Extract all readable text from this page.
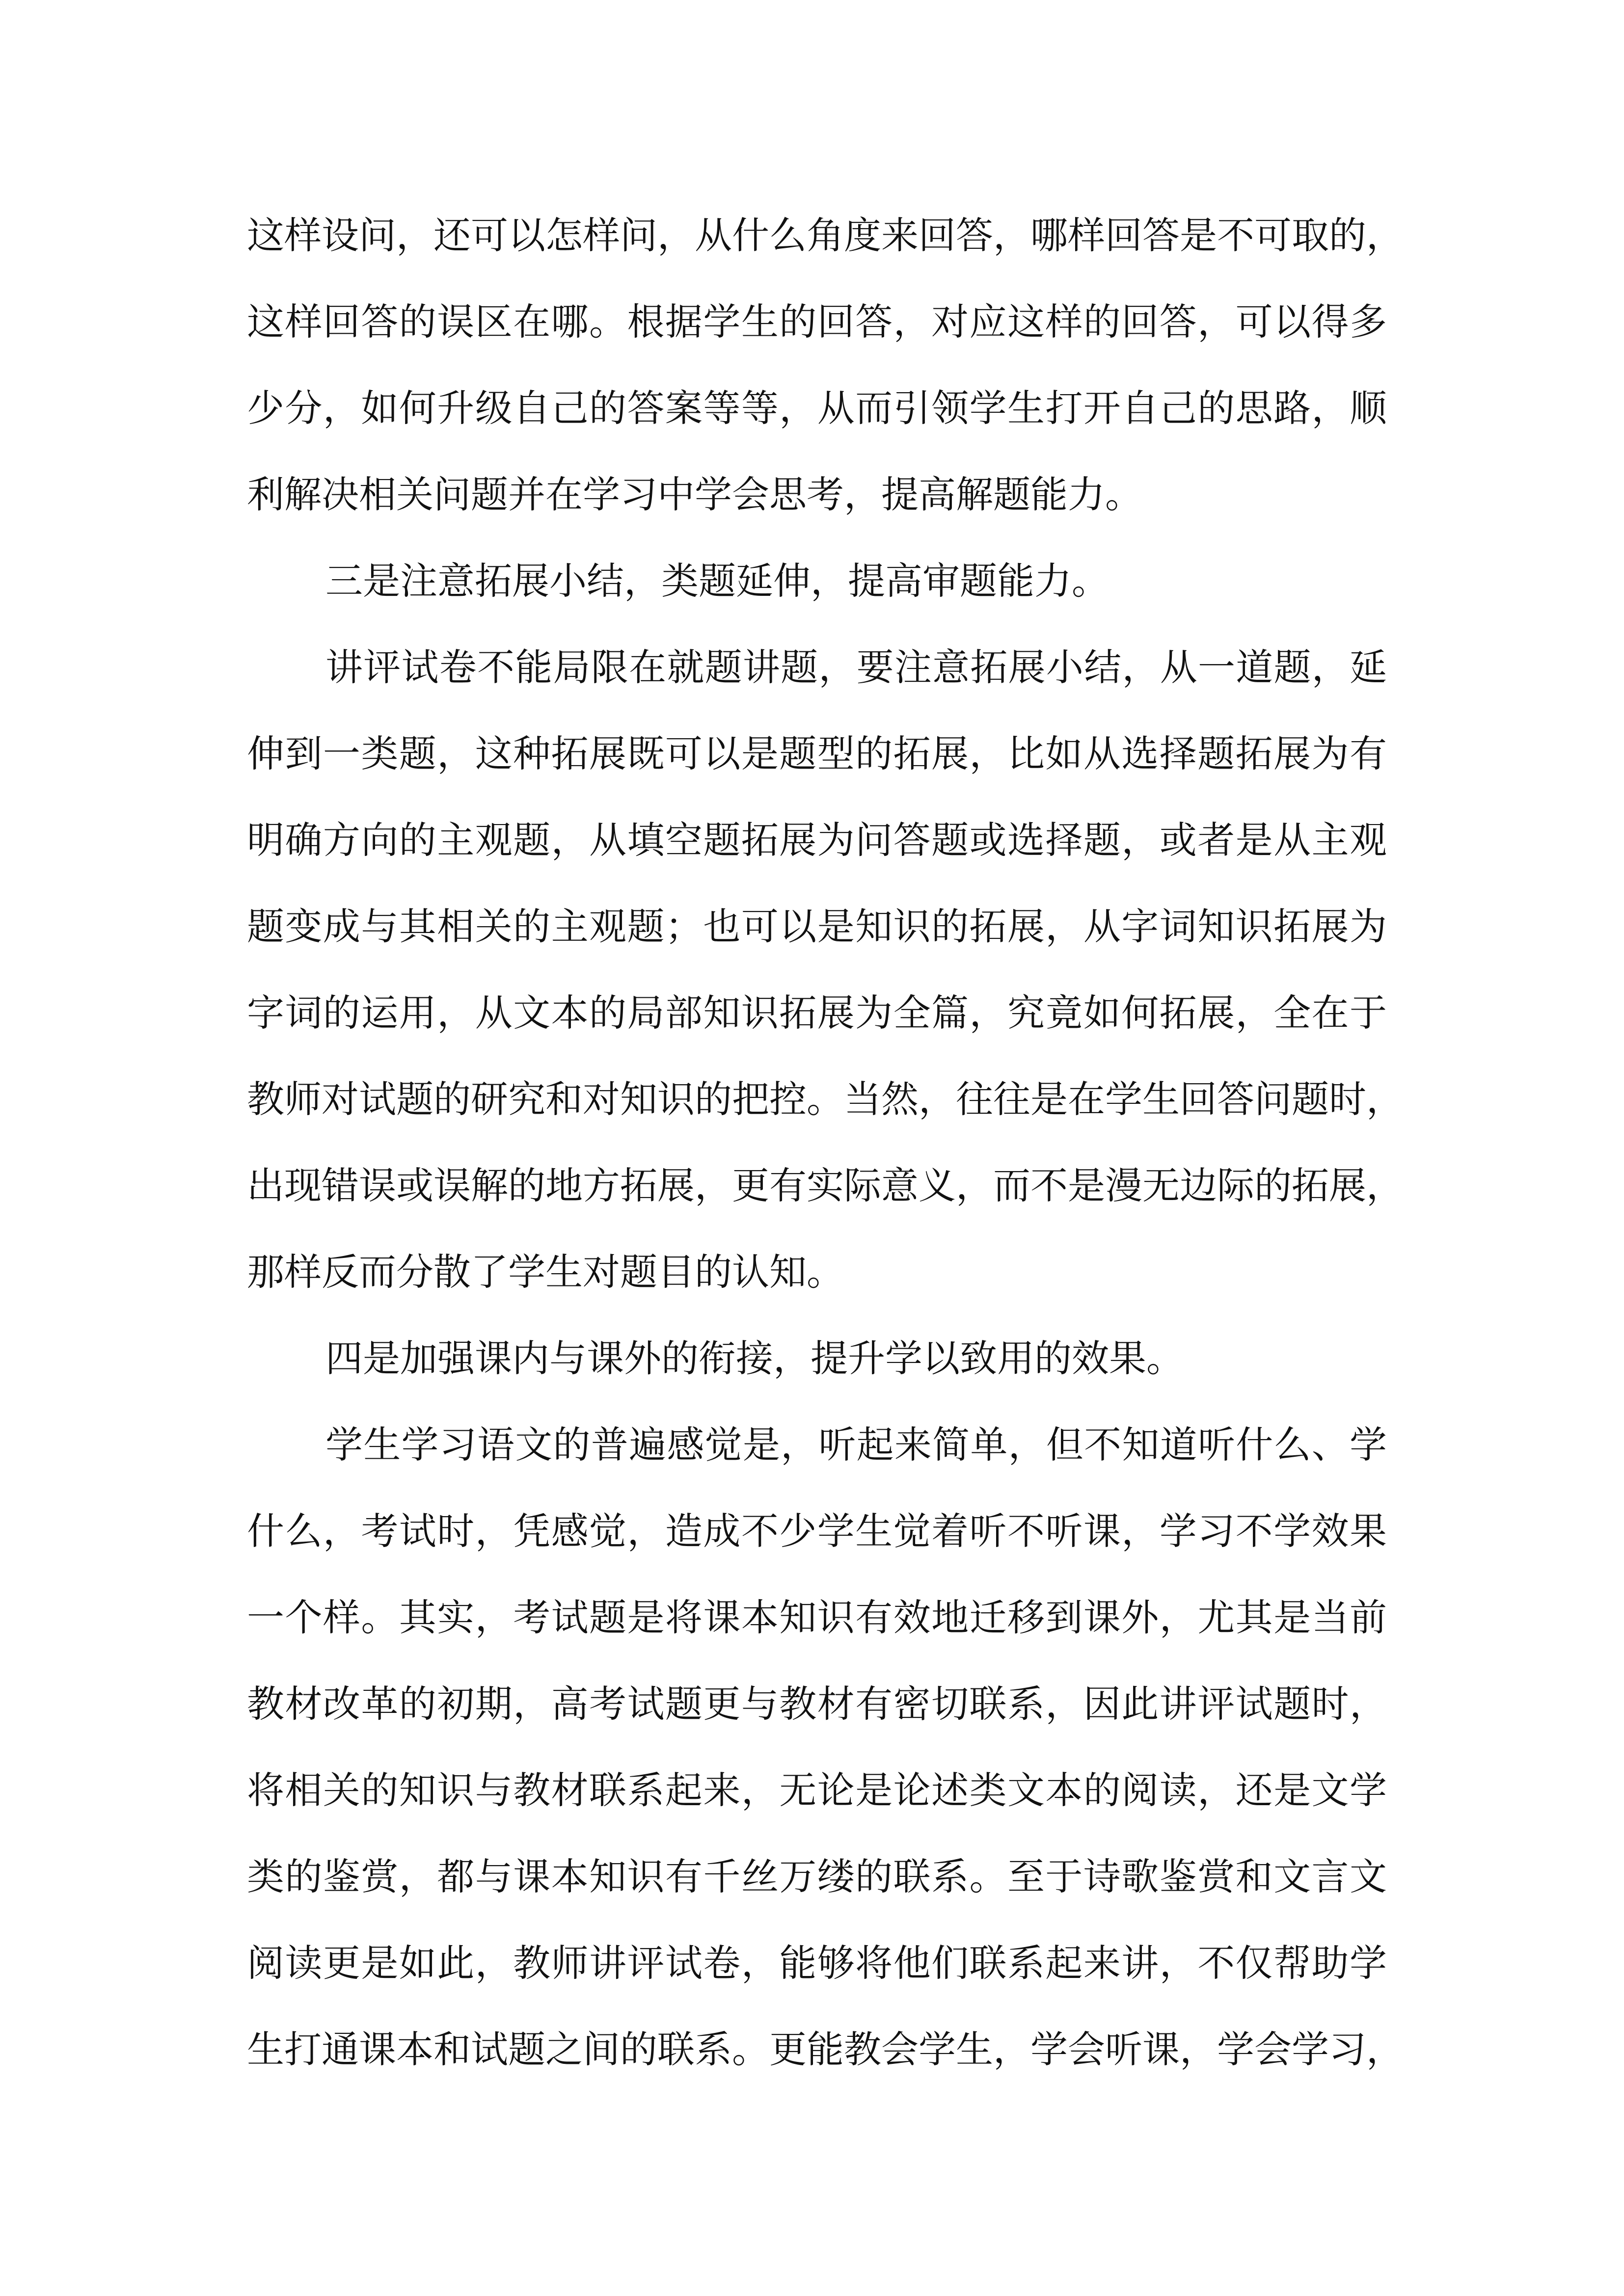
这样设问，还可以怎样问，从什么角度来回答，哪样回答是不可取的，
这样回答的误区在哪。根据学生的回答，对应这样的回答，可以得多
少分，如何升级自己的答案等等，从而引领学生打开自己的思路，顺
利解决相关问题并在学习中学会思考，提高解题能力。
三是注意拓展小结，类题延伸，提高审题能力。
讲评试卷不能局限在就题讲题，要注意拓展小结，从一道题，延
伸到一类题，这种拓展既可以是题型的拓展，比如从选择题拓展为有
明确方向的主观题，从填空题拓展为问答题或选择题，或者是从主观
题变成与其相关的主观题；也可以是知识的拓展，从字词知识拓展为
字词的运用，从文本的局部知识拓展为全篇，究竟如何拓展，全在于
教师对试题的研究和对知识的把控。当然，往往是在学生回答问题时，
出现错误或误解的地方拓展，更有实际意义，而不是漫无边际的拓展，
那样反而分散了学生对题目的认知。
四是加强课内与课外的衔接，提升学以致用的效果。
学生学习语文的普遍感觉是，听起来简单，但不知道听什么、学
什么，考试时，凭感觉，造成不少学生觉着听不听课，学习不学效果
一个样。其实，考试题是将课本知识有效地迁移到课外，尤其是当前
教材改革的初期，高考试题更与教材有密切联系，因此讲评试题时，
将相关的知识与教材联系起来，无论是论述类文本的阅读，还是文学
类的鉴赏，都与课本知识有千丝万缕的联系。至于诗歌鉴赏和文言文
阅读更是如此，教师讲评试卷，能够将他们联系起来讲，不仅帮助学
生打通课本和试题之间的联系。更能教会学生，学会听课，学会学习，
